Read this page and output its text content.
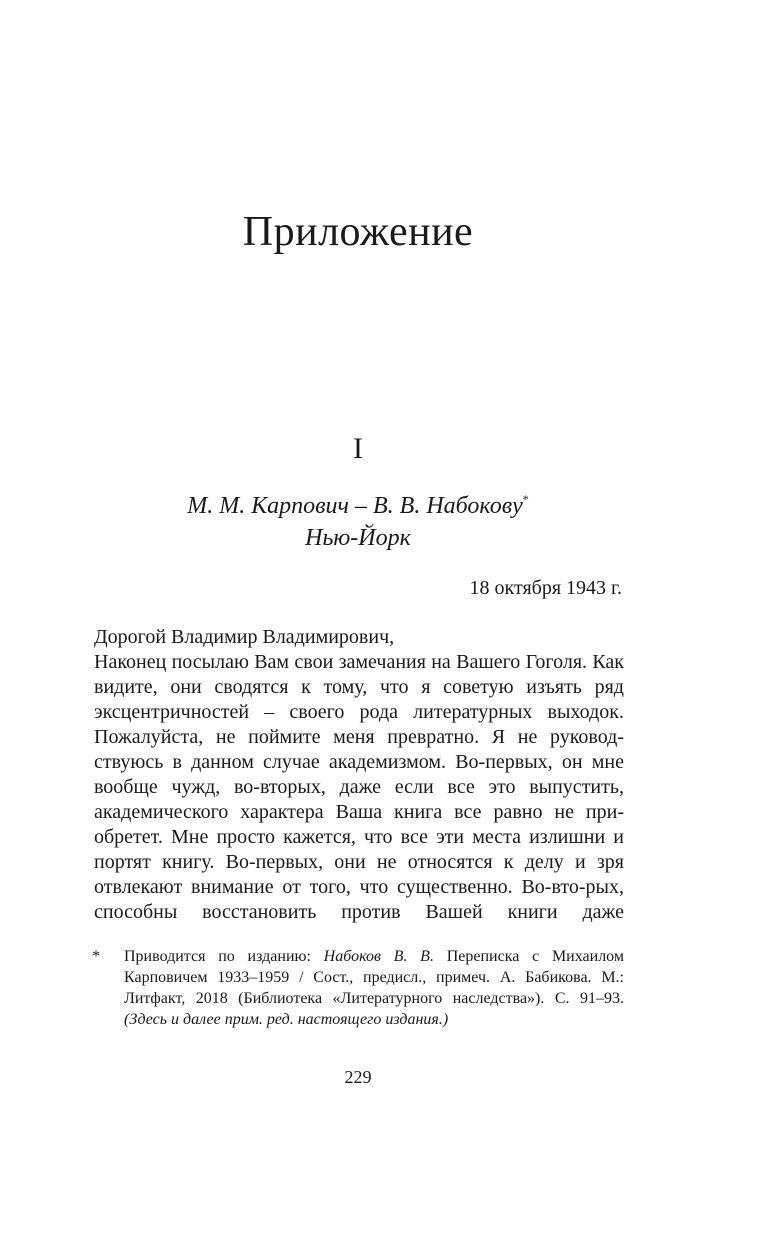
Приложение
I
М. М. Карпович – В. В. Набокову*
Нью-Йорк
18 октября 1943 г.
Дорогой Владимир Владимирович,
Наконец посылаю Вам свои замечания на Вашего Гоголя. Как видите, они сводятся к тому, что я советую изъять ряд эксцентричностей – своего рода литературных выходок. Пожалуйста, не поймите меня превратно. Я не руковод-ствуюсь в данном случае академизмом. Во-первых, он мне вообще чужд, во-вторых, даже если все это выпустить, академического характера Ваша книга все равно не при-обретет. Мне просто кажется, что все эти места излишни и портят книгу. Во-первых, они не относятся к делу и зря отвлекают внимание от того, что существенно. Во-вто-рых, способны восстановить против Вашей книги даже
* Приводится по изданию: Набоков В. В. Переписка с Михаилом Карповичем 1933–1959 / Сост., предисл., примеч. А. Бабикова. М.: Литфакт, 2018 (Библиотека «Литературного наследства»). С. 91–93. (Здесь и далее прим. ред. настоящего издания.)
229
